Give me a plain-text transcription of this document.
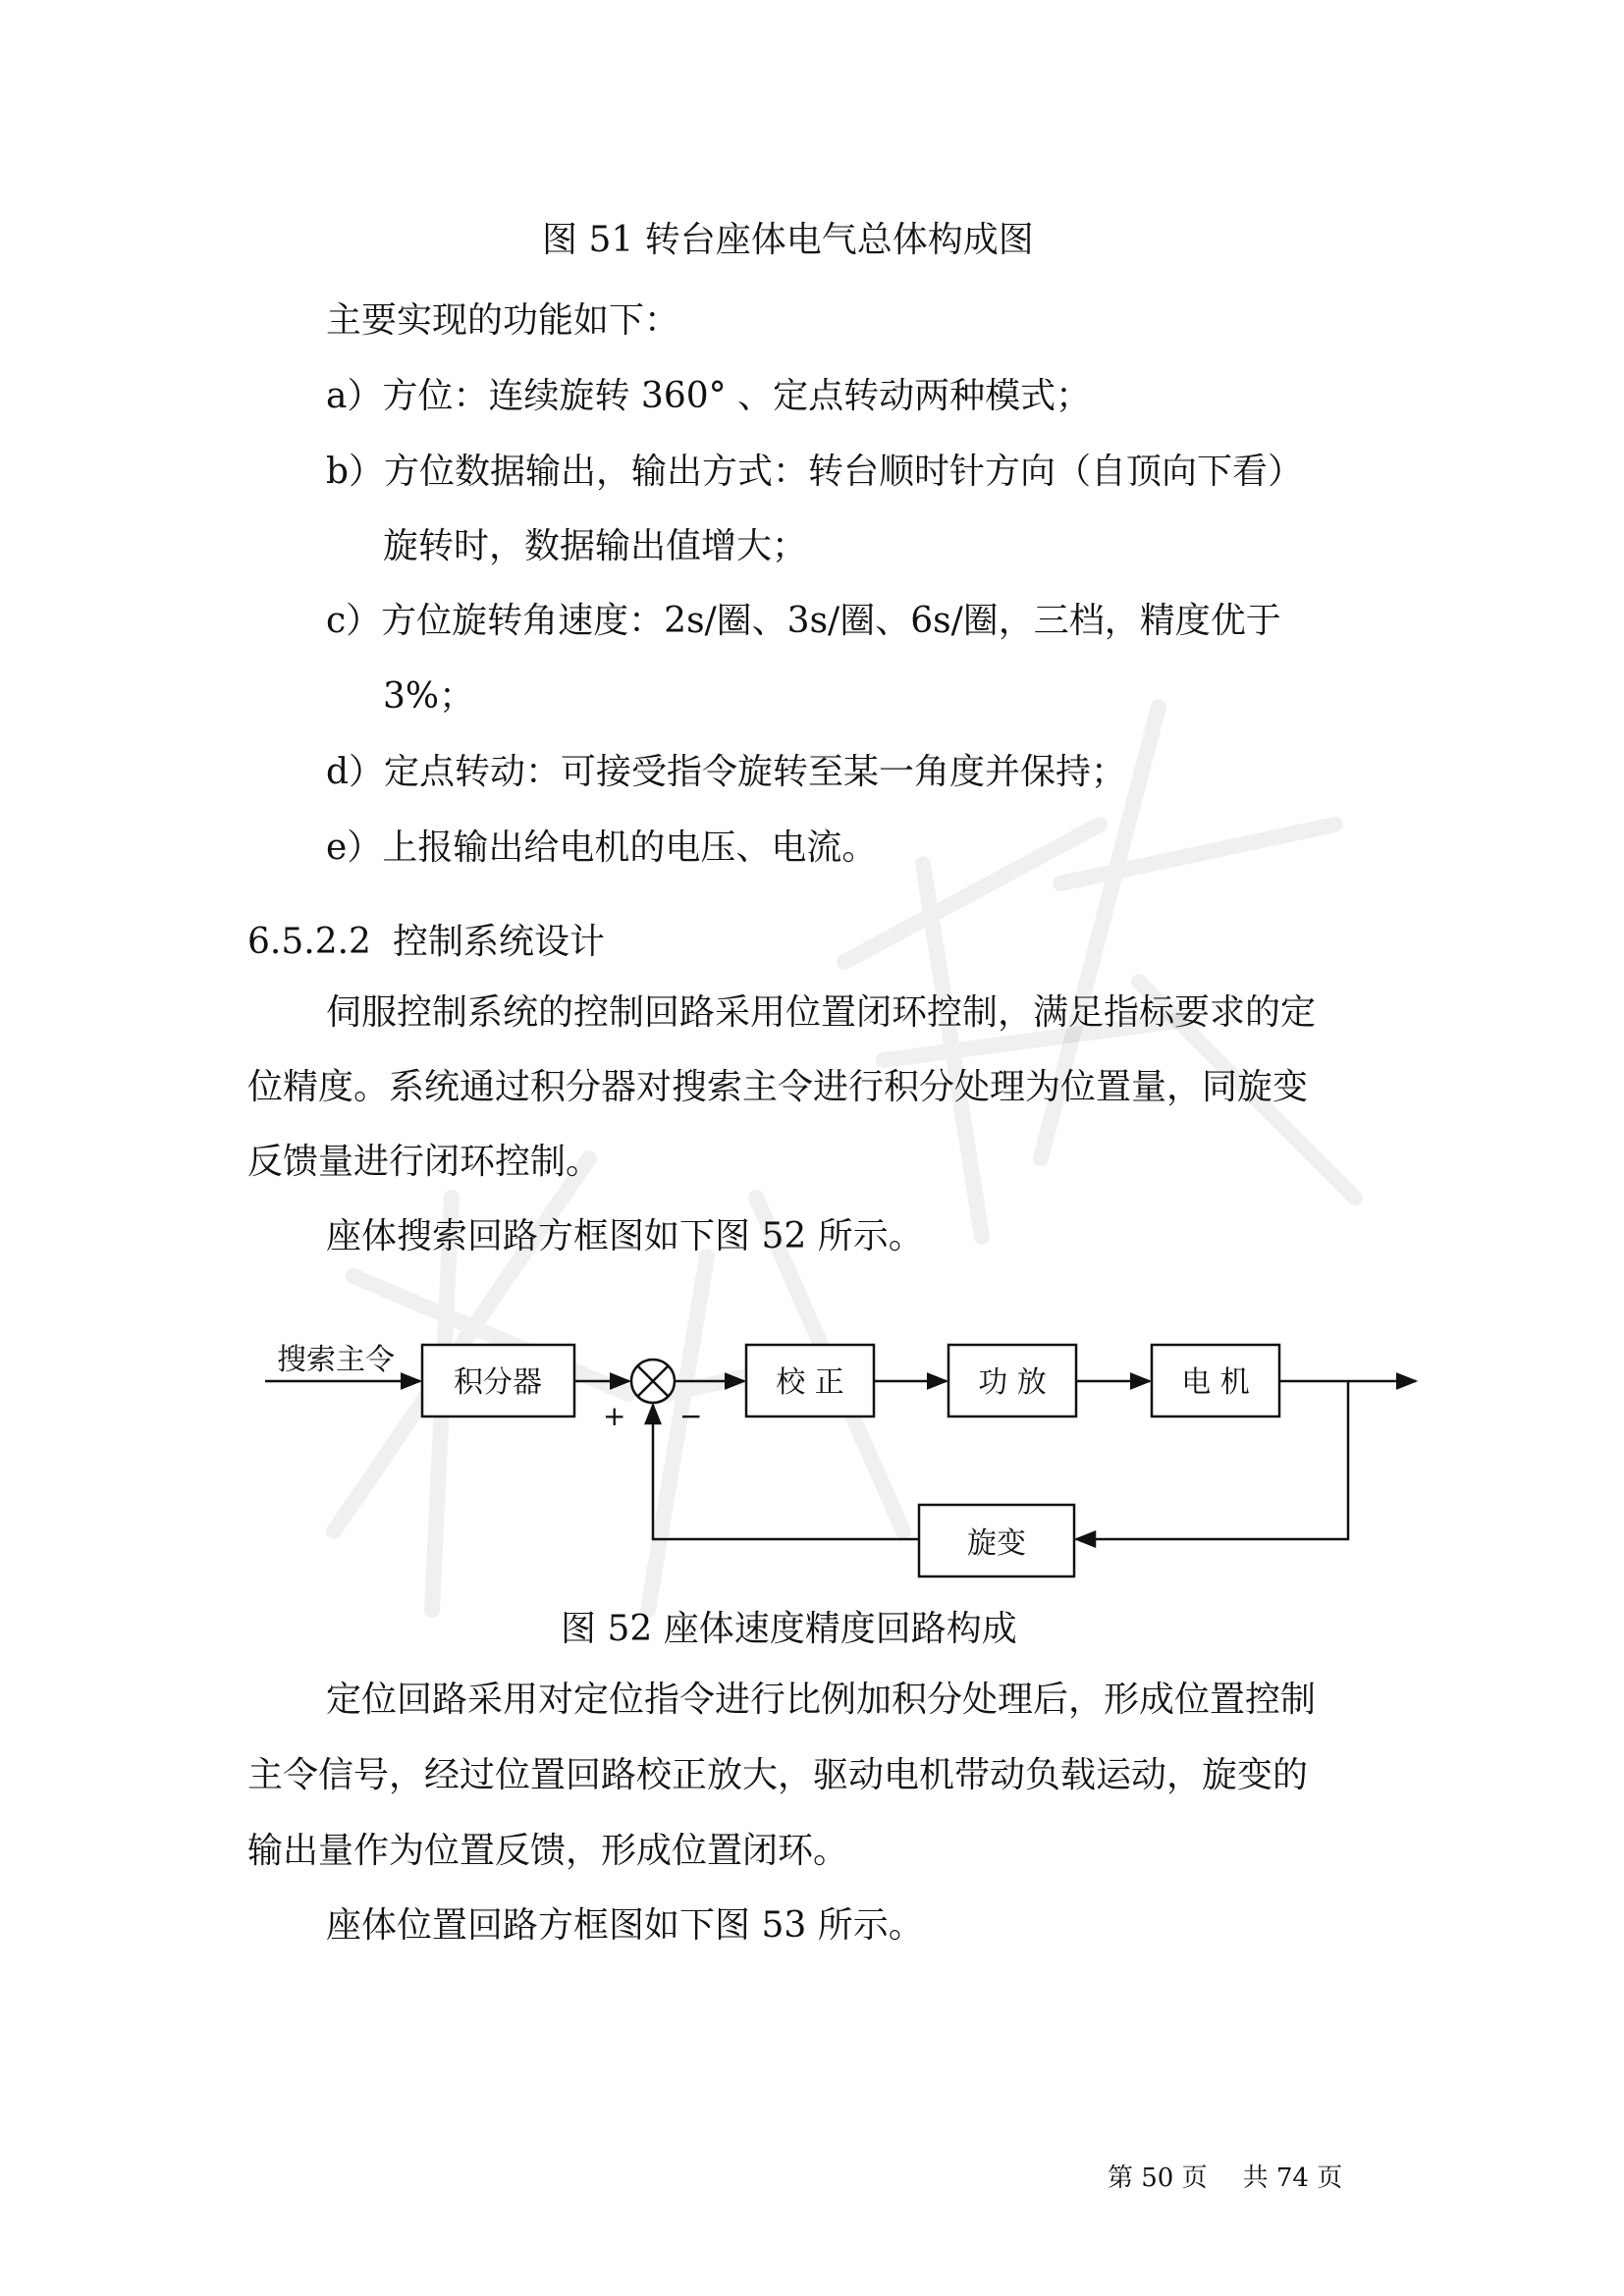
图 51 转台座体电气总体构成图
主要实现的功能如下：
a）方位：连续旋转 360° 、定点转动两种模式；
b）方位数据输出，输出方式：转台顺时针方向（自顶向下看）
旋转时，数据输出值增大；
c）方位旋转角速度：2s/圈、3s/圈、6s/圈，三档，精度优于
3%；
d）定点转动：可接受指令旋转至某一角度并保持；
e）上报输出给电机的电压、电流。
6.5.2.2 控制系统设计
伺服控制系统的控制回路采用位置闭环控制，满足指标要求的定
位精度。系统通过积分器对搜索主令进行积分处理为位置量，同旋变
反馈量进行闭环控制。
座体搜索回路方框图如下图 52 所示。
搜索主令
积分器
+ −
校 正	功 放	电 机
旋变
图 52 座体速度精度回路构成
定位回路采用对定位指令进行比例加积分处理后，形成位置控制
主令信号，经过位置回路校正放大，驱动电机带动负载运动，旋变的
输出量作为位置反馈，形成位置闭环。
座体位置回路方框图如下图 53 所示。
第 50 页 共 74 页
